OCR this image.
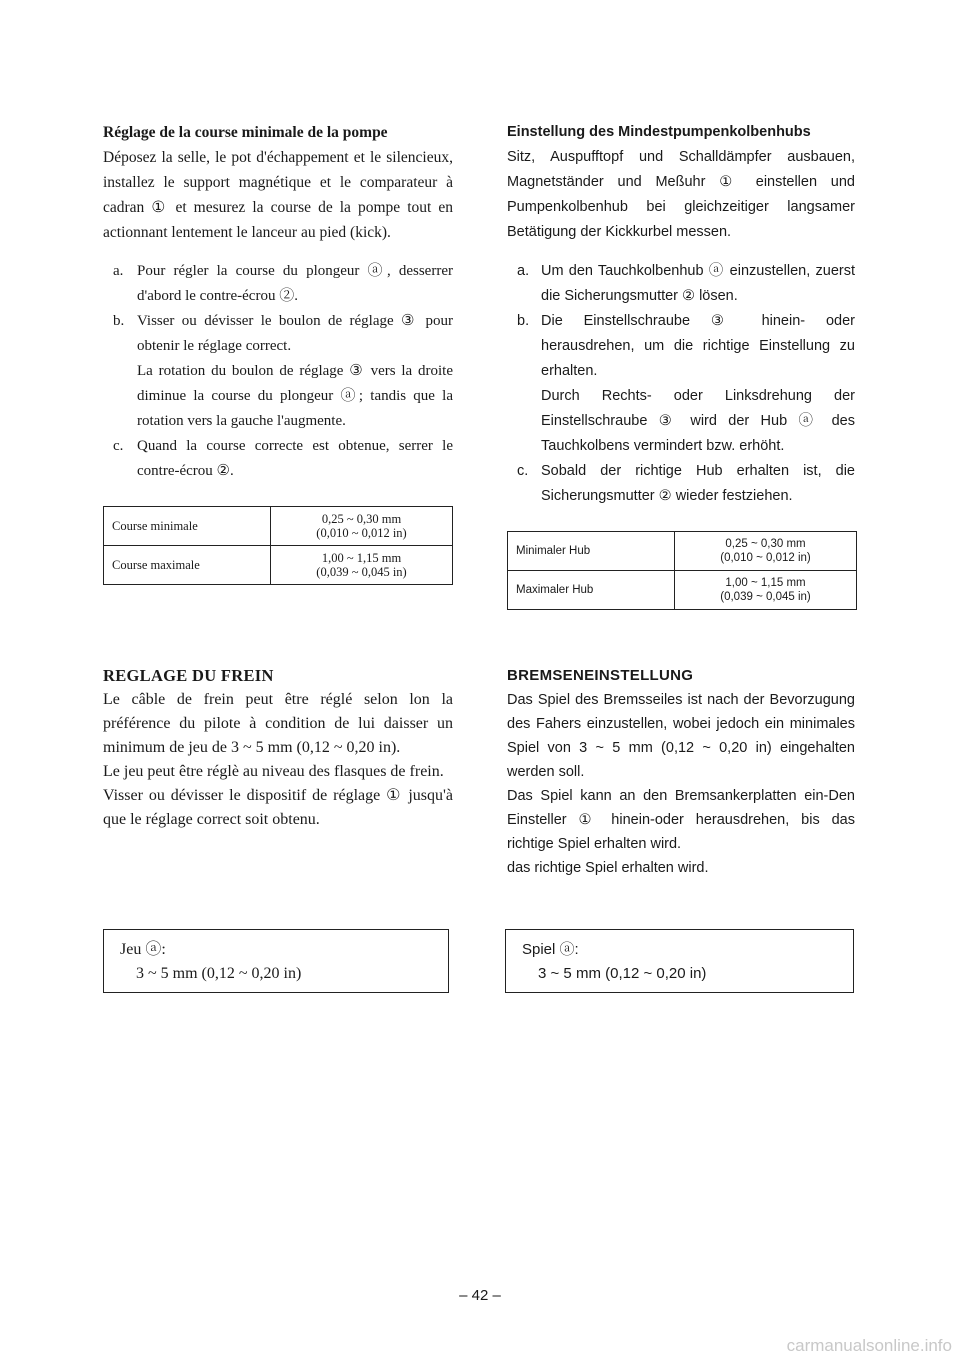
Réglage de la course minimale de la pompe

Déposez la selle, le pot d'échappement et le silencieux, installez le support magnétique et le comparateur à cadran ① et mesurez la course de la pompe tout en actionnant lentement le lanceur au pied (kick).

a. Pour régler la course du plongeur ⓐ, desserrer d'abord le contre-écrou ②.
b. Visser ou dévisser le boulon de réglage ③ pour obtenir le réglage correct.
La rotation du boulon de réglage ③ vers la droite diminue la course du plongeur ⓐ; tandis que la rotation vers la gauche l'augmente.
c. Quand la course correcte est obtenue, serrer le contre-écrou ②.
Course minimale	0,25 ~ 0,30 mm
(0,010 ~ 0,012 in)
Course maximale	1,00 ~ 1,15 mm
(0,039 ~ 0,045 in)

Einstellung des Mindestpumpenkolbenhubs

Sitz, Auspufftopf und Schalldämpfer ausbauen, Magnetständer und Meßuhr ① einstellen und Pumpenkolbenhub bei gleichzeitiger langsamer Betätigung der Kickkurbel messen.

a. Um den Tauchkolbenhub ⓐ einzustellen, zuerst die Sicherungsmutter ② lösen.
b. Die Einstellschraube ③ hinein- oder herausdrehen, um die richtige Einstellung zu erhalten.
Durch Rechts- oder Linksdrehung der Einstellschraube ③ wird der Hub ⓐ des Tauchkolbens vermindert bzw. erhöht.
c. Sobald der richtige Hub erhalten ist, die Sicherungsmutter ② wieder festziehen.
Minimaler Hub	0,25 ~ 0,30 mm
(0,010 ~ 0,012 in)
Maximaler Hub	1,00 ~ 1,15 mm
(0,039 ~ 0,045 in)

REGLAGE DU FREIN

Le câble de frein peut être réglé selon lon la préférence du pilote à condition de lui daisser un minimum de jeu de 3 ~ 5 mm (0,12 ~ 0,20 in).

Le jeu peut être réglè au niveau des flasques de frein.

Visser ou dévisser le dispositif de réglage ① jusqu'à que le réglage correct soit obtenu.

BREMSENEINSTELLUNG

Das Spiel des Bremsseiles ist nach der Bevorzugung des Fahers einzustellen, wobei jedoch ein minimales Spiel von 3 ~ 5 mm (0,12 ~ 0,20 in) eingehalten werden soll.

Das Spiel kann an den Bremsankerplatten ein-Den Einsteller ① hinein-oder herausdrehen, bis das richtige Spiel erhalten wird.

das richtige Spiel erhalten wird.

Jeu ⓐ:
3 ~ 5 mm (0,12 ~ 0,20 in)
Spiel ⓐ:
3 ~ 5 mm (0,12 ~ 0,20 in)
– 42 –
carmanualsonline.info
